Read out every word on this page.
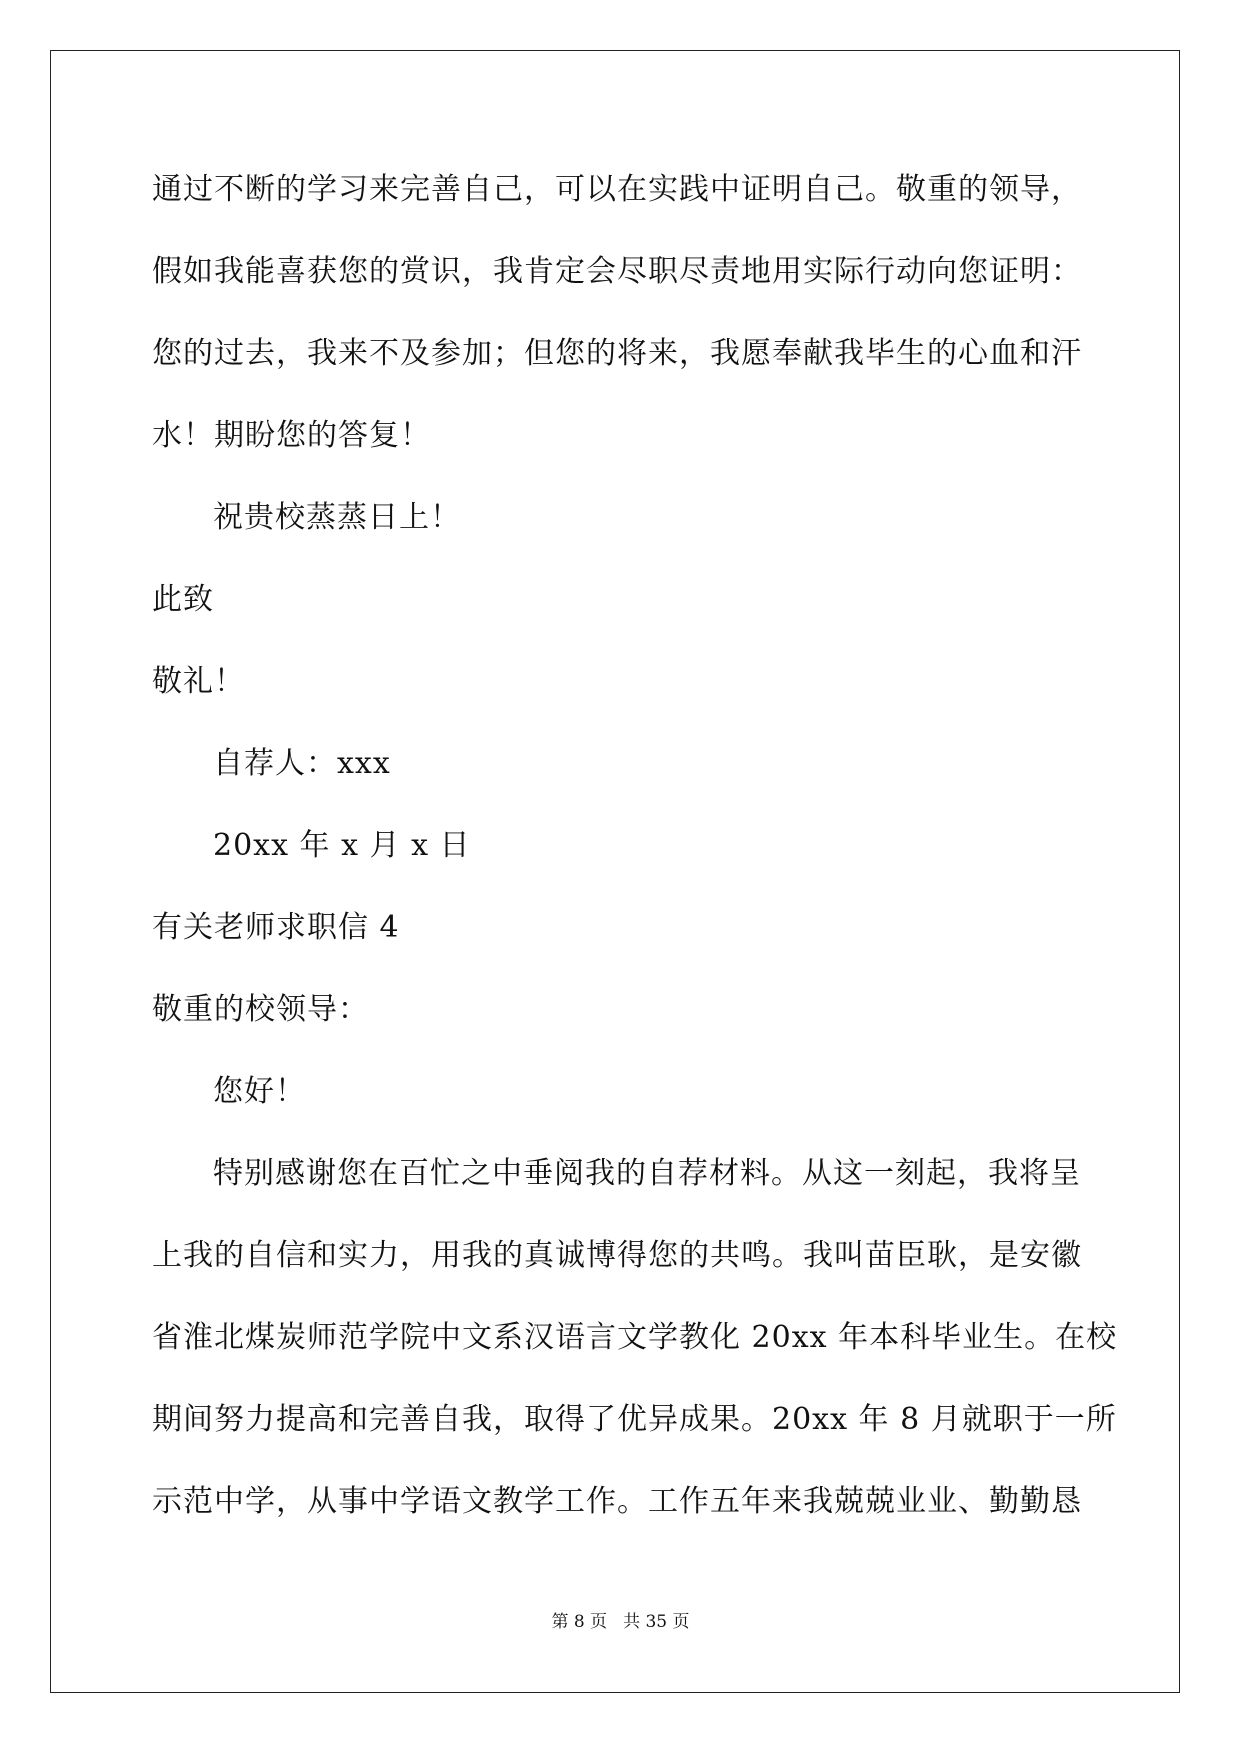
通过不断的学习来完善自己，可以在实践中证明自己。敬重的领导，
假如我能喜获您的赏识，我肯定会尽职尽责地用实际行动向您证明：
您的过去，我来不及参加；但您的将来，我愿奉献我毕生的心血和汗
水！期盼您的答复！
祝贵校蒸蒸日上！
此致
敬礼！
自荐人：xxx
20xx 年 x 月 x 日
有关老师求职信 4
敬重的校领导：
您好！
特别感谢您在百忙之中垂阅我的自荐材料。从这一刻起，我将呈
上我的自信和实力，用我的真诚博得您的共鸣。我叫苗臣耿，是安徽
省淮北煤炭师范学院中文系汉语言文学教化 20xx 年本科毕业生。在校
期间努力提高和完善自我，取得了优异成果。20xx 年 8 月就职于一所
示范中学，从事中学语文教学工作。工作五年来我兢兢业业、勤勤恳
第 8 页 共 35 页
